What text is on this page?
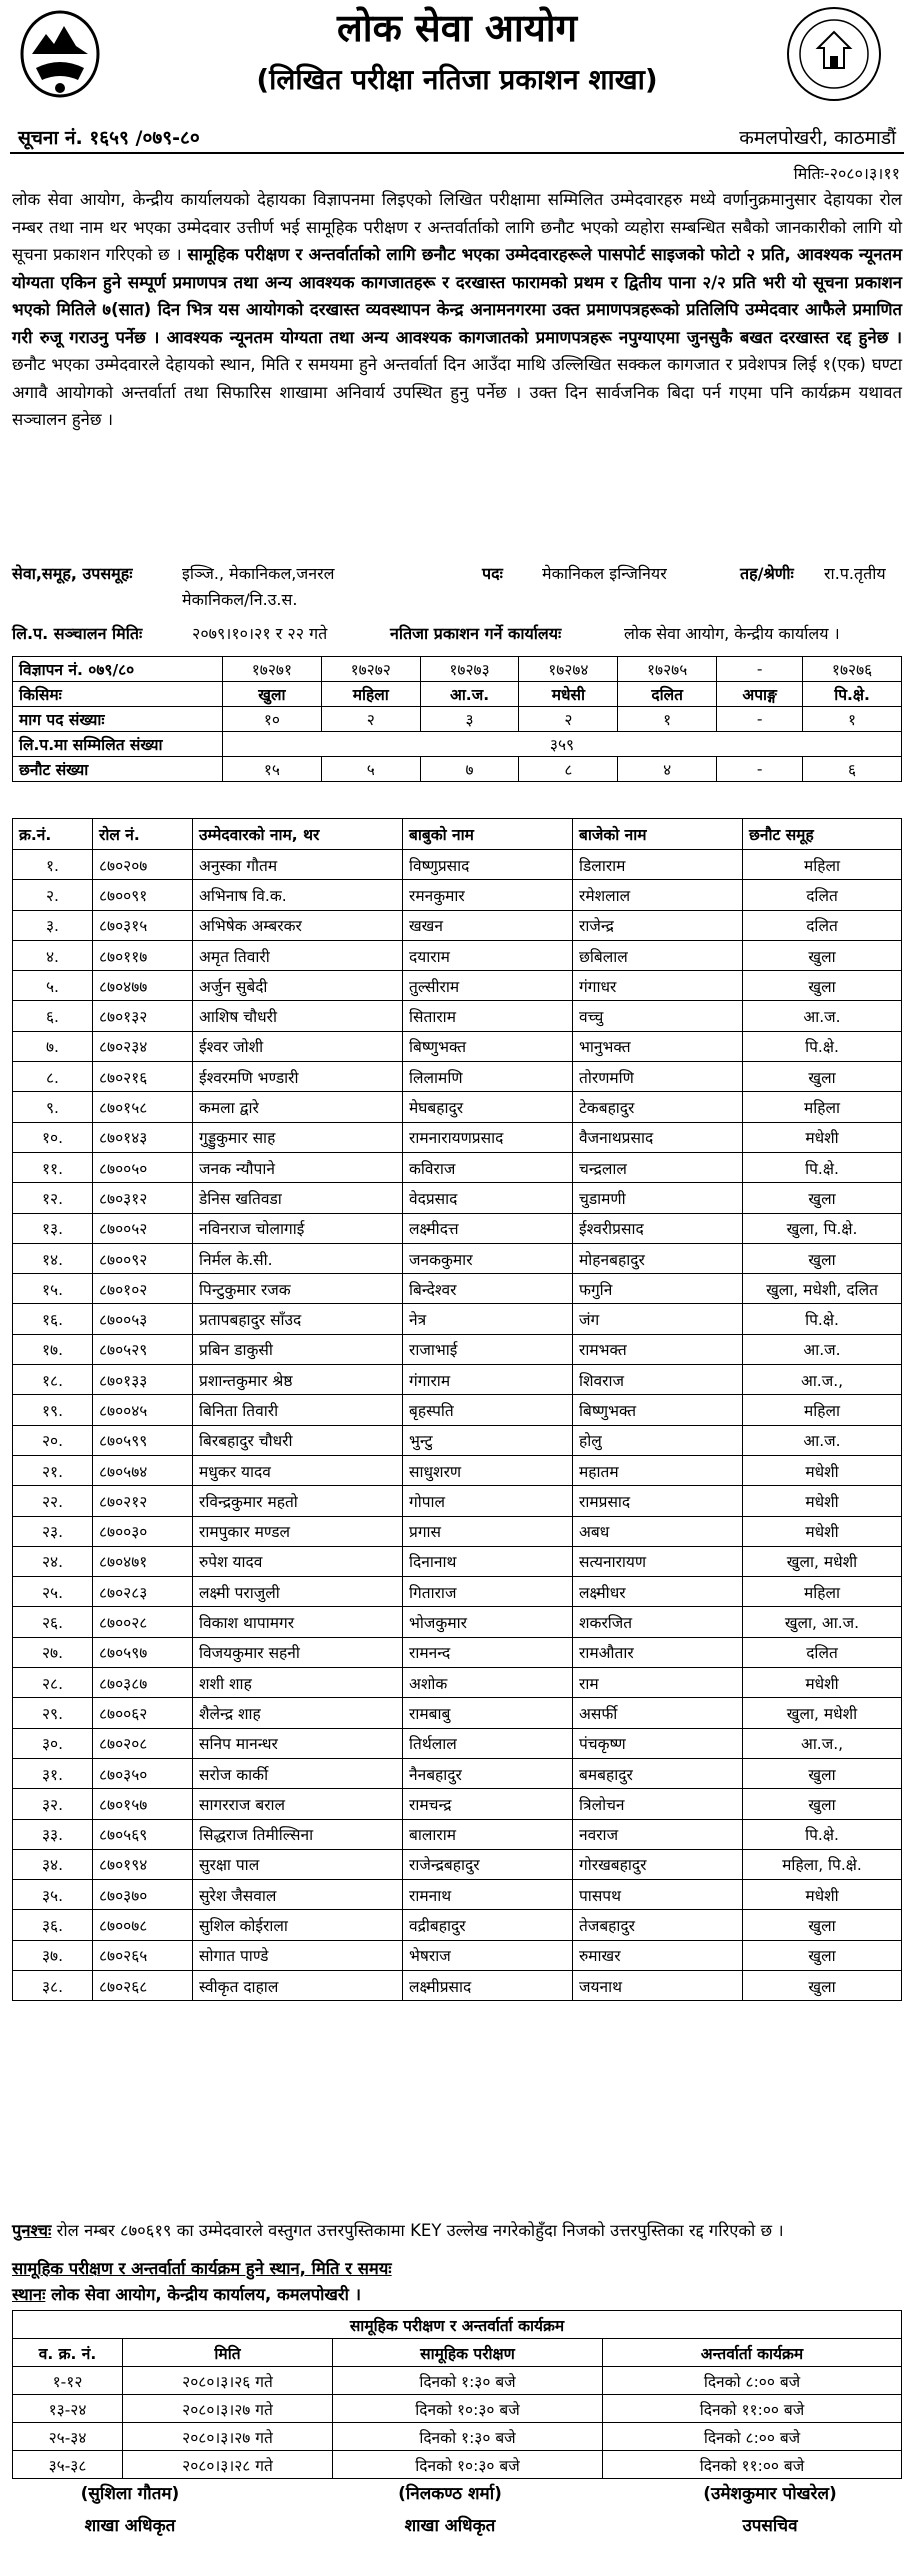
लोक सेवा आयोग
(लिखित परीक्षा नतिजा प्रकाशन शाखा)
सूचना नं. १६५९ /०७९-८०	कमलपोखरी, काठमाडौं
मितिः-२०८०।३।११
लोक सेवा आयोग, केन्द्रीय कार्यालयको देहायका विज्ञापनमा लिइएको लिखित परीक्षामा सम्मिलित उम्मेदवारहरु मध्ये वर्णानुक्रमानुसार देहायका रोल नम्बर तथा नाम थर भएका उम्मेदवार उत्तीर्ण भई सामूहिक परीक्षण र अन्तर्वार्ताको लागि छनौट भएको व्यहोरा सम्बन्धित सबैको जानकारीको लागि यो सूचना प्रकाशन गरिएको छ । सामूहिक परीक्षण र अन्तर्वार्ताको लागि छनौट भएका उम्मेदवारहरूले पासपोर्ट साइजको फोटो २ प्रति, आवश्यक न्यूनतम योग्यता एकिन हुने सम्पूर्ण प्रमाणपत्र तथा अन्य आवश्यक कागजातहरू र दरखास्त फारामको प्रथम र द्वितीय पाना २/२ प्रति भरी यो सूचना प्रकाशन भएको मितिले ७(सात) दिन भित्र यस आयोगको दरखास्त व्यवस्थापन केन्द्र अनामनगरमा उक्त प्रमाणपत्रहरूको प्रतिलिपि उम्मेदवार आफैले प्रमाणित गरी रुजू गराउनु पर्नेछ । आवश्यक न्यूनतम योग्यता तथा अन्य आवश्यक कागजातको प्रमाणपत्रहरू नपुग्याएमा जुनसुकै बखत दरखास्त रद्द हुनेछ । छनौट भएका उम्मेदवारले देहायको स्थान, मिति र समयमा हुने अन्तर्वार्ता दिन आउँदा माथि उल्लिखित सक्कल कागजात र प्रवेशपत्र लिई १(एक) घण्टा अगावै आयोगको अन्तर्वार्ता तथा सिफारिस शाखामा अनिवार्य उपस्थित हुनु पर्नेछ । उक्त दिन सार्वजनिक बिदा पर्न गएमा पनि कार्यक्रम यथावत सञ्चालन हुनेछ ।
सेवा,समूह, उपसमूहः	इञ्जि., मेकानिकल,जनरल	पदः मेकानिकल इन्जिनियर	तह/श्रेणीः रा.प.तृतीय
मेकानिकल/नि.उ.स.
लि.प. सञ्चालन मितिः	२०७९।१०।२१ र २२ गते	नतिजा प्रकाशन गर्ने कार्यालयः	लोक सेवा आयोग, केन्द्रीय कार्यालय ।
विज्ञापन नं. ०७९/८०	१७२७१	१७२७२	१७२७३	१७२७४	१७२७५	-	१७२७६
किसिमः	खुला	महिला	आ.ज.	मधेसी	दलित	अपाङ्ग	पि.क्षे.
माग पद संख्याः	१०	२	३	२	१	-	१
लि.प.मा सम्मिलित संख्या	३५९						
छनौट संख्या	१५	५	७	८	४	-	६
क्र.नं.	रोल नं.	उम्मेदवारको नाम, थर	बाबुको नाम	बाजेको नाम	छनौट समूह
१.	८७०२०७	अनुस्का गौतम	विष्णुप्रसाद	डिलाराम	महिला
२.	८७००९१	अभिनाष वि.क.	रमनकुमार	रमेशलाल	दलित
३.	८७०३१५	अभिषेक अम्बरकर	खखन	राजेन्द्र	दलित
४.	८७०११७	अमृत तिवारी	दयाराम	छबिलाल	खुला
५.	८७०४७७	अर्जुन सुबेदी	तुल्सीराम	गंगाधर	खुला
६.	८७०१३२	आशिष चौधरी	सिताराम	वच्चु	आ.ज.
७.	८७०२३४	ईश्वर जोशी	बिष्णुभक्त	भानुभक्त	पि.क्षे.
८.	८७०२१६	ईश्वरमणि भण्डारी	लिलामणि	तोरणमणि	खुला
९.	८७०१५८	कमला द्वारे	मेघबहादुर	टेकबहादुर	महिला
१०.	८७०१४३	गुड्डुकुमार साह	रामनारायणप्रसाद	वैजनाथप्रसाद	मधेशी
११.	८७००५०	जनक न्यौपाने	कविराज	चन्द्रलाल	पि.क्षे.
१२.	८७०३१२	डेनिस खतिवडा	वेदप्रसाद	चुडामणी	खुला
१३.	८७००५२	नविनराज चोलागाई	लक्ष्मीदत्त	ईश्वरीप्रसाद	खुला, पि.क्षे.
१४.	८७००९२	निर्मल के.सी.	जनककुमार	मोहनबहादुर	खुला
१५.	८७०१०२	पिन्टुकुमार रजक	बिन्देश्वर	फगुनि	खुला, मधेशी, दलित
१६.	८७००५३	प्रतापबहादुर साँउद	नेत्र	जंग	पि.क्षे.
१७.	८७०५२९	प्रबिन डाकुसी	राजाभाई	रामभक्त	आ.ज.
१८.	८७०१३३	प्रशान्तकुमार श्रेष्ठ	गंगाराम	शिवराज	आ.ज.,
१९.	८७००४५	बिनिता तिवारी	बृहस्पति	बिष्णुभक्त	महिला
२०.	८७०५९९	बिरबहादुर चौधरी	भुन्टु	होलु	आ.ज.
२१.	८७०५७४	मधुकर यादव	साधुशरण	महातम	मधेशी
२२.	८७०२१२	रविन्द्रकुमार महतो	गोपाल	रामप्रसाद	मधेशी
२३.	८७००३०	रामपुकार मण्डल	प्रगास	अबध	मधेशी
२४.	८७०४७१	रुपेश यादव	दिनानाथ	सत्यनारायण	खुला, मधेशी
२५.	८७०२८३	लक्ष्मी पराजुली	गिताराज	लक्ष्मीधर	महिला
२६.	८७००२८	विकाश थापामगर	भोजकुमार	शकरजित	खुला, आ.ज.
२७.	८७०५९७	विजयकुमार सहनी	रामनन्द	रामऔतार	दलित
२८.	८७०३८७	शशी शाह	अशोक	राम	मधेशी
२९.	८७००६२	शैलेन्द्र शाह	रामबाबु	असर्फी	खुला, मधेशी
३०.	८७०२०८	सनिप मानन्धर	तिर्थलाल	पंचकृष्ण	आ.ज.,
३१.	८७०३५०	सरोज कार्की	नैनबहादुर	बमबहादुर	खुला
३२.	८७०१५७	सागरराज बराल	रामचन्द्र	त्रिलोचन	खुला
३३.	८७०५६९	सिद्धराज तिमील्सिना	बालाराम	नवराज	पि.क्षे.
३४.	८७०१९४	सुरक्षा पाल	राजेन्द्रबहादुर	गोरखबहादुर	महिला, पि.क्षे.
३५.	८७०३७०	सुरेश जैसवाल	रामनाथ	पासपथ	मधेशी
३६.	८७००७८	सुशिल कोईराला	वद्रीबहादुर	तेजबहादुर	खुला
३७.	८७०२६५	सोगात पाण्डे	भेषराज	रुमाखर	खुला
३८.	८७०२६८	स्वीकृत दाहाल	लक्ष्मीप्रसाद	जयनाथ	खुला
पुनश्चः रोल नम्बर ८७०६१९ का उम्मेदवारले वस्तुगत उत्तरपुस्तिकामा KEY उल्लेख नगरेकोहुँदा निजको उत्तरपुस्तिका रद्द गरिएको छ ।
सामूहिक परीक्षण र अन्तर्वार्ता कार्यक्रम हुने स्थान, मिति र समयः
स्थानः लोक सेवा आयोग, केन्द्रीय कार्यालय, कमलपोखरी ।
सामूहिक परीक्षण र अन्तर्वार्ता कार्यक्रम			
व. क्र. नं.	मिति	सामूहिक परीक्षण	अन्तर्वार्ता कार्यक्रम
१-१२	२०८०।३।२६ गते	दिनको १:३० बजे	दिनको ८:०० बजे
१३-२४	२०८०।३।२७ गते	दिनको १०:३० बजे	दिनको ११:०० बजे
२५-३४	२०८०।३।२७ गते	दिनको १:३० बजे	दिनको ८:०० बजे
३५-३८	२०८०।३।२८ गते	दिनको १०:३० बजे	दिनको ११:०० बजे
(सुशिला गौतम)
शाखा अधिकृत
(निलकण्ठ शर्मा)
शाखा अधिकृत
(उमेशकुमार पोखरेल)
उपसचिव
